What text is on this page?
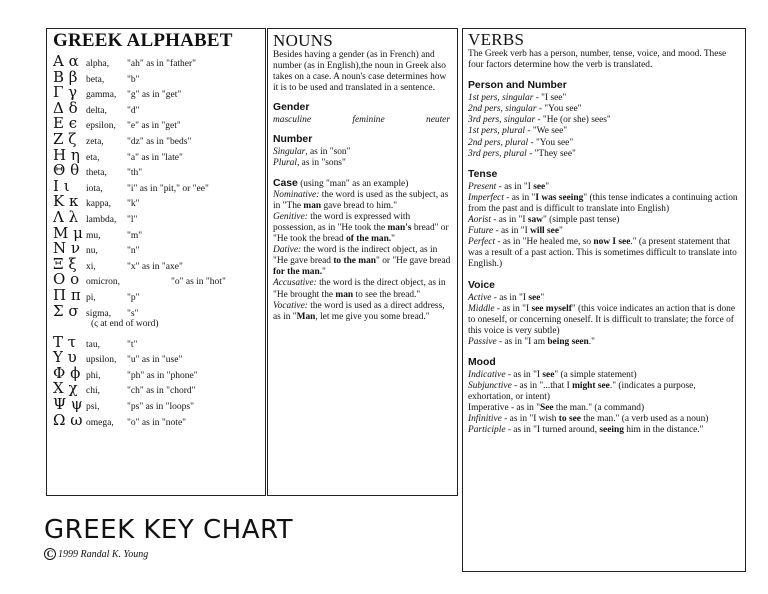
GREEK ALPHABET
Α α alpha,	"ah" as in "father"
Β β beta,	"b"
Γ γ gamma,	"g" as in "get"
Δ δ delta,	"d"
Ε ϵ epsilon,	"e" as in "get"
Ζ ζ	zeta,	"dz" as in "beds"
Η η eta,	"a" as in "late"
Θ θ theta,	"th"
Ι ι	iota,	"i" as in "pit," or "ee"
Κ κ kappa,	"k"
Λ λ lambda,	"l"
Μ μ mu,	"m"
Ν ν nu,	"n"
Ξ ξ xi,	"x" as in "axe"
Ο ο omicron,	"o" as in "hot"
Π π pi,	"p"
Σ σ sigma,	"s"
(ς at end of word)
Τ τ	tau,	"t"
Υ υ upsilon,	"u" as in "use"
Φ ϕ phi,	"ph" as in "phone"
Χ χ chi,	"ch" as in "chord"
Ψ ψ psi,	"ps" as in "loops"
Ω ω omega,	"o" as in "note"
NOUNS
Besides having a gender (as in French) and number (as in English),the noun in Greek also takes on a case. A noun's case determines how it is to be used and translated in a sentence.
Gender
masculine	feminine	neuter
Number
Singular, as in "son"
Plural, as in "sons"
Case (using "man" as an example)
Nominative: the word is used as the subject, as in "The man gave bread to him."
Genitive: the word is expressed with possession, as in "He took the man's bread" or "He took the bread of the man."
Dative: the word is the indirect object, as in "He gave bread to the man" or "He gave bread for the man."
Accusative: the word is the direct object, as in "He brought the man to see the bread."
Vocative: the word is used as a direct address, as in "Man, let me give you some bread."
VERBS
The Greek verb has a person, number, tense, voice, and mood. These four factors determine how the verb is translated.
Person and Number
1st pers, singular - "I see"
2nd pers, singular - "You see"
3rd pers, singular - "He (or she) sees"
1st pers, plural - "We see"
2nd pers, plural - "You see"
3rd pers, plural - "They see"
Tense
Present - as in "I see"
Imperfect - as in "I was seeing" (this tense indicates a continuing action from the past and is difficult to translate into English)
Aorist - as in "I saw" (simple past tense)
Future - as in "I will see"
Perfect - as in "He healed me, so now I see." (a present statement that was a result of a past action. This is sometimes difficult to translate into English.)
Voice
Active - as in "I see"
Middle - as in "I see myself" (this voice indicates an action that is done to oneself, or concerning oneself. It is difficult to translate; the force of this voice is very subtle)
Passive - as in "I am being seen."
Mood
Indicative - as in "I see" (a simple statement)
Subjunctive - as in "...that I might see." (indicates a purpose, exhortation, or intent)
Imperative - as in "See the man." (a command)
Infinitive - as in "I wish to see the man." (a verb used as a noun)
Participle - as in "I turned around, seeing him in the distance."
GREEK KEY CHART
C 1999 Randal K. Young
